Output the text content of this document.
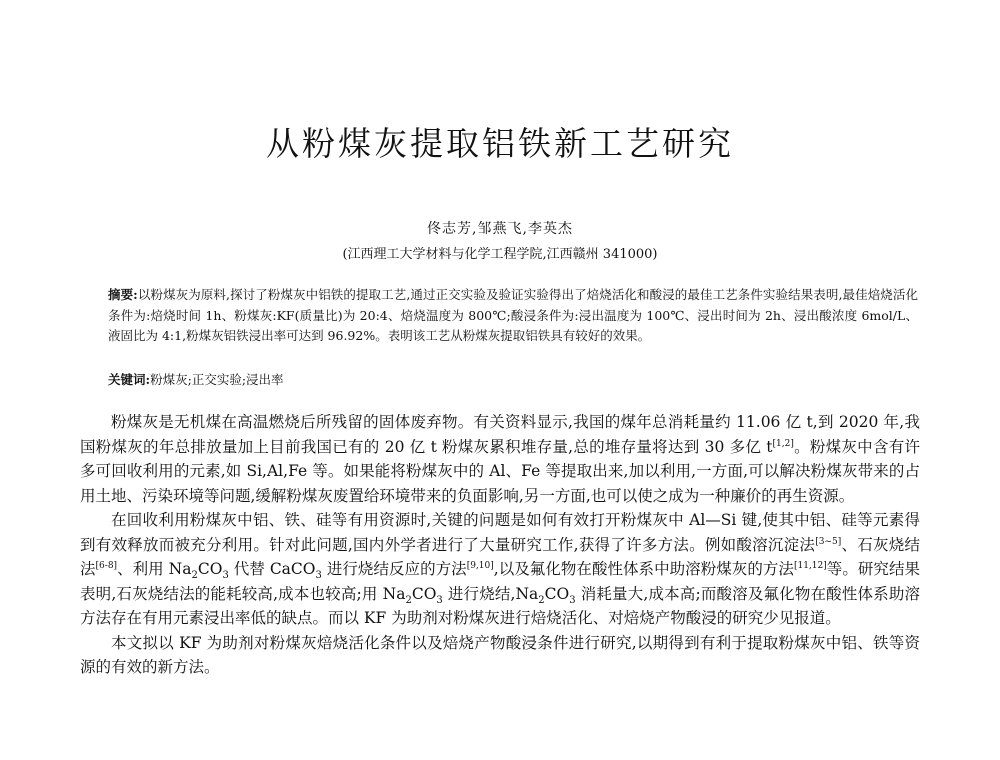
从粉煤灰提取铝铁新工艺研究
佟志芳,邹燕飞,李英杰
(江西理工大学材料与化学工程学院,江西赣州 341000)
摘要:以粉煤灰为原料,探讨了粉煤灰中铝铁的提取工艺,通过正交实验及验证实验得出了焙烧活化和酸浸的最佳工艺条件实验结果表明,最佳焙烧活化条件为:焙烧时间 1h、粉煤灰:KF(质量比)为 20:4、焙烧温度为 800℃;酸浸条件为:浸出温度为 100℃、浸出时间为 2h、浸出酸浓度 6mol/L、液固比为 4:1,粉煤灰铝铁浸出率可达到 96.92%。表明该工艺从粉煤灰提取铝铁具有较好的效果。
关键词:粉煤灰;正交实验;浸出率

粉煤灰是无机煤在高温燃烧后所残留的固体废弃物。有关资料显示,我国的煤年总消耗量约 11.06 亿 t,到 2020 年,我国粉煤灰的年总排放量加上目前我国已有的 20 亿 t 粉煤灰累积堆存量,总的堆存量将达到 30 多亿 t[1,2]。粉煤灰中含有许多可回收利用的元素,如 Si,Al,Fe 等。如果能将粉煤灰中的 Al、Fe 等提取出来,加以利用,一方面,可以解决粉煤灰带来的占用土地、污染环境等问题,缓解粉煤灰废置给环境带来的负面影响,另一方面,也可以使之成为一种廉价的再生资源。

在回收利用粉煤灰中铝、铁、硅等有用资源时,关键的问题是如何有效打开粉煤灰中 Al—Si 键,使其中铝、硅等元素得到有效释放而被充分利用。针对此问题,国内外学者进行了大量研究工作,获得了许多方法。例如酸溶沉淀法[3~5]、石灰烧结法[6-8]、利用 $Na_2CO_3$ 代替 CaCO$_3$ 进行烧结反应的方法[9,10],以及氟化物在酸性体系中助溶粉煤灰的方法[11,12]等。研究结果表明,石灰烧结法的能耗较高,成本也较高;用 $Na_2CO_3$ 进行烧结$,Na_2CO_3$ 消耗量大,成本高;而酸溶及氟化物在酸性体系助溶方法存在有用元素浸出率低的缺点。而以 KF 为助剂对粉煤灰进行焙烧活化、对焙烧产物酸浸的研究少见报道。

本文拟以 KF 为助剂对粉煤灰焙烧活化条件以及焙烧产物酸浸条件进行研究,以期得到有利于提取粉煤灰中铝、铁等资源的有效的新方法。
